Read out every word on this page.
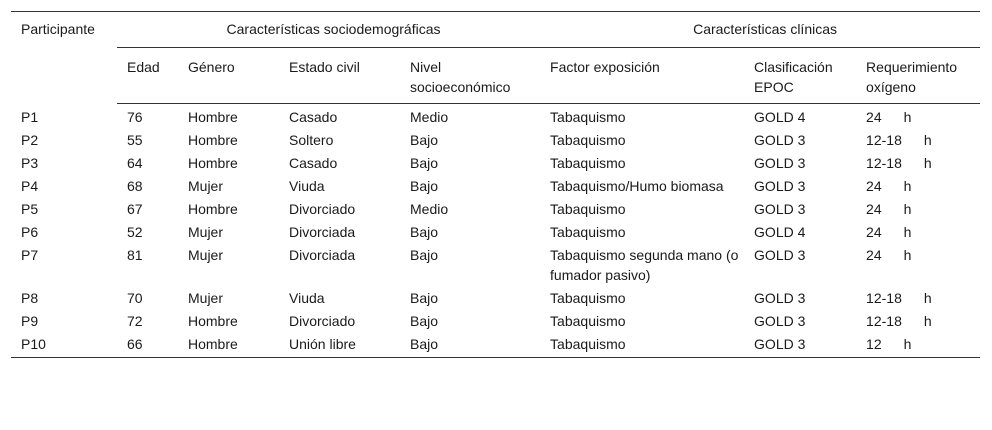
Participante	Características sociodemográficas				Características clínicas		
	Edad	Género	Estado civil	Nivel socioeconómico	Factor exposición	Clasificación EPOC	Requerimiento oxígeno
P1	76	Hombre	Casado	Medio	Tabaquismo	GOLD 4	24 h
P2	55	Hombre	Soltero	Bajo	Tabaquismo	GOLD 3	12-18 h
P3	64	Hombre	Casado	Bajo	Tabaquismo	GOLD 3	12-18 h
P4	68	Mujer	Viuda	Bajo	Tabaquismo/Humo biomasa	GOLD 3	24 h
P5	67	Hombre	Divorciado	Medio	Tabaquismo	GOLD 3	24 h
P6	52	Mujer	Divorciada	Bajo	Tabaquismo	GOLD 4	24 h
P7	81	Mujer	Divorciada	Bajo	Tabaquismo segunda mano (o fumador pasivo)	GOLD 3	24 h
P8	70	Mujer	Viuda	Bajo	Tabaquismo	GOLD 3	12-18 h
P9	72	Hombre	Divorciado	Bajo	Tabaquismo	GOLD 3	12-18 h
P10	66	Hombre	Unión libre	Bajo	Tabaquismo	GOLD 3	12 h
